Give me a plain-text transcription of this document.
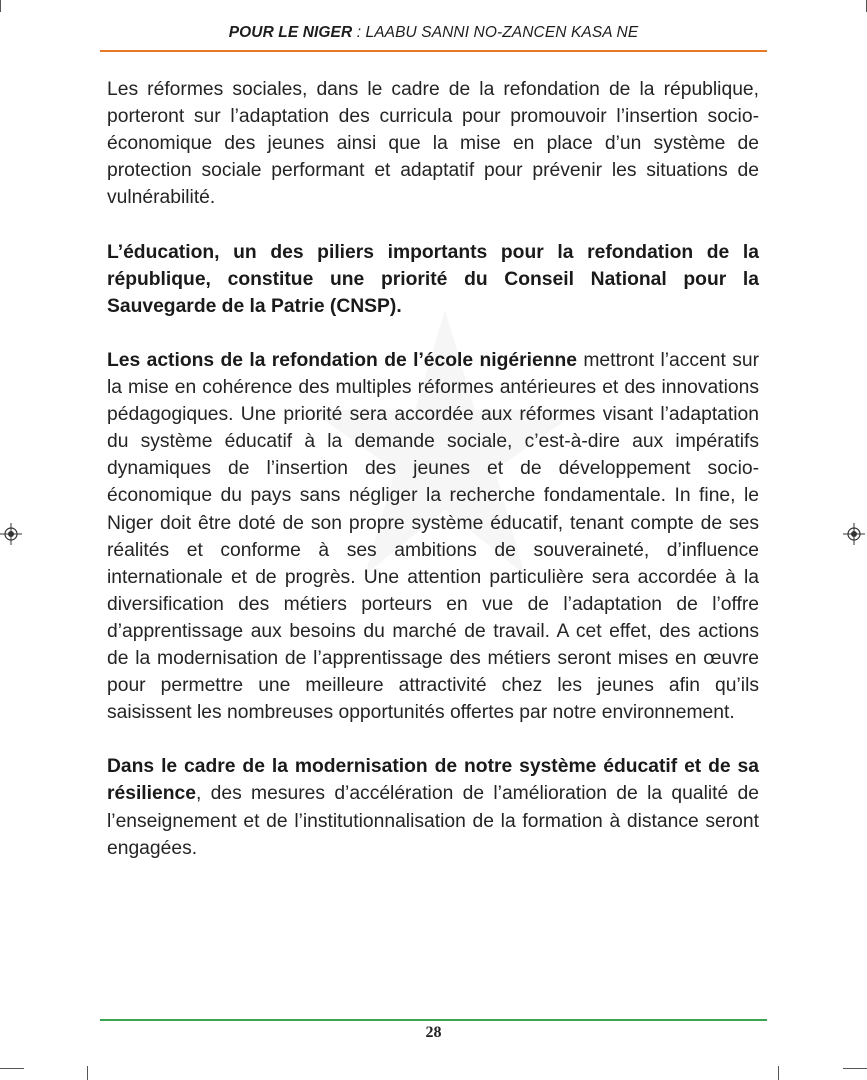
POUR LE NIGER : LAABU SANNI NO-ZANCEN KASA NE

Les réformes sociales, dans le cadre de la refondation de la république, porteront sur l’adaptation des curricula pour promouvoir l’insertion socio-économique des jeunes ainsi que la mise en place d’un système de protection sociale performant et adaptatif pour prévenir les situations de vulnérabilité.

L’éducation, un des piliers importants pour la refondation de la république, constitue une priorité du Conseil National pour la Sauvegarde de la Patrie (CNSP).

Les actions de la refondation de l’école nigérienne mettront l’accent sur la mise en cohérence des multiples réformes antérieures et des innovations pédagogiques. Une priorité sera accordée aux réformes visant l’adaptation du système éducatif à la demande sociale, c’est-à-dire aux impératifs dynamiques de l’insertion des jeunes et de développement socio-économique du pays sans négliger la recherche fondamentale. In fine, le Niger doit être doté de son propre système éducatif, tenant compte de ses réalités et conforme à ses ambitions de souveraineté, d’influence internationale et de progrès. Une attention particulière sera accordée à la diversification des métiers porteurs en vue de l’adaptation de l’offre d’apprentissage aux besoins du marché de travail. A cet effet, des actions de la modernisation de l’apprentissage des métiers seront mises en œuvre pour permettre une meilleure attractivité chez les jeunes afin qu’ils saisissent les nombreuses opportunités offertes par notre environnement.

Dans le cadre de la modernisation de notre système éducatif et de sa résilience, des mesures d’accélération de l’amélioration de la qualité de l’enseignement et de l’institutionnalisation de la formation à distance seront engagées.

28
